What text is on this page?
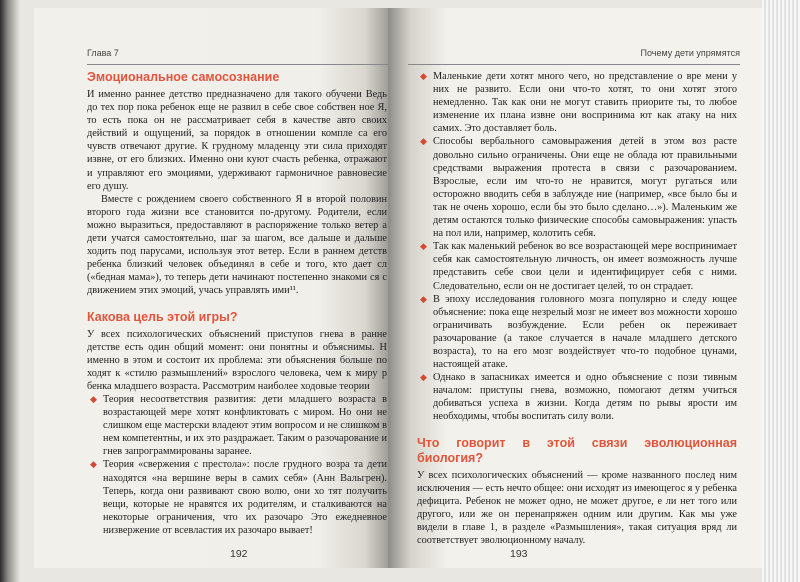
Глава 7
Эмоциональное самосознание

И именно раннее детство предназначено для такого обучени Ведь до тех пор пока ребенок еще не развил в себе свое собствен ное Я, то есть пока он не рассматривает себя в качестве авто своих действий и ощущений, за порядок в отношении компле са его чувств отвечают другие. К грудному младенцу эти сила приходят извне, от его близких. Именно они куют счасть ребенка, отражают и управляют его эмоциями, удерживают гармоничное равновесие его душу.

Вместе с рождением своего собственного Я в второй половин второго года жизни все становится по-другому. Родители, если можно выразиться, предоставляют в распоряжение только ветер а дети учатся самостоятельно, шаг за шагом, все дальше и дальше ходить под парусами, используя этот ветер. Если в раннем детств ребенка близкий человек объединял в себе и того, кто дает сл («бедная мама»), то теперь дети начинают постепенно знакоми ся с движением этих эмоций, учась управлять ими¹¹.

Какова цель этой игры?

У всех психологических объяснений приступов гнева в ранне детстве есть один общий момент: они понятны и объяснимы. Н именно в этом и состоит их проблема: эти объяснения больше по ходят к «стилю размышлений» взрослого человека, чем к миру р бенка младшего возраста. Рассмотрим наиболее ходовые теории

◆ Теория несоответствия развития: дети младшего возраста в возрастающей мере хотят конфликтовать с миром. Но они не слишком еще мастерски владеют этим вопросом и не слишком в нем компетентны, и их это раздражает. Таким о разочарование и гнев запрограммированы заранее.
◆ Теория «свержения с престола»: после грудного возра та дети находятся «на вершине веры в самих себя» (Анн Вальгрен). Теперь, когда они развивают свою волю, они хо тят получить вещи, которые не нравятся их родителям, и сталкиваются на некоторые ограничения, что их разочаро Это ежедневное низвержение от всевластия их разочаро вывает!
192
Почему дети упрямятся
◆ Маленькие дети хотят много чего, но представление о вре мени у них не развито. Если они что-то хотят, то они хотят этого немедленно. Так как они не могут ставить приорите ты, то любое изменение их плана извне они воспринима ют как атаку на них самих. Это доставляет боль.
◆ Способы вербального самовыражения детей в этом воз расте довольно сильно ограничены. Они еще не облада ют правильными средствами выражения протеста в связи с разочарованием. Взрослые, если им что-то не нравится, могут ругаться или осторожно вводить себя в заблужде ние (например, «все было бы и так не очень хорошо, если бы это было сделано…»). Маленьким же детям остаются только физические способы самовыражения: упасть на пол или, например, колотить себя.
◆ Так как маленький ребенок во все возрастающей мере воспринимает себя как самостоятельную личность, он имеет возможность лучше представить себе свои цели и идентифицирует себя с ними. Следовательно, если он не достигает целей, то он страдает.
◆ В эпоху исследования головного мозга популярно и следу ющее объяснение: пока еще незрелый мозг не имеет воз можности хорошо ограничивать возбуждение. Если ребен ок переживает разочарование (а такое случается в начале младшего детского возраста), то на его мозг воздействует что-то подобное цунами, настоящей атаке.
◆ Однако в запасниках имеется и одно объяснение с пози тивным началом: приступы гнева, возможно, помогают детям учиться добиваться успеха в жизни. Когда детям по рывы ярости им необходимы, чтобы воспитать силу воли.
Что говорит в этой связи эволюционная биология?

У всех психологических объяснений — кроме названного послед ним исключения — есть нечто общее: они исходят из имеющегос я у ребенка дефицита. Ребенок не может одно, не может другое, е ли нет того или другого, или же он перенапряжен одним или другим. Как мы уже видели в главе 1, в разделе «Размышления», такая ситуация вряд ли соответствует эволюционному началу.

193
